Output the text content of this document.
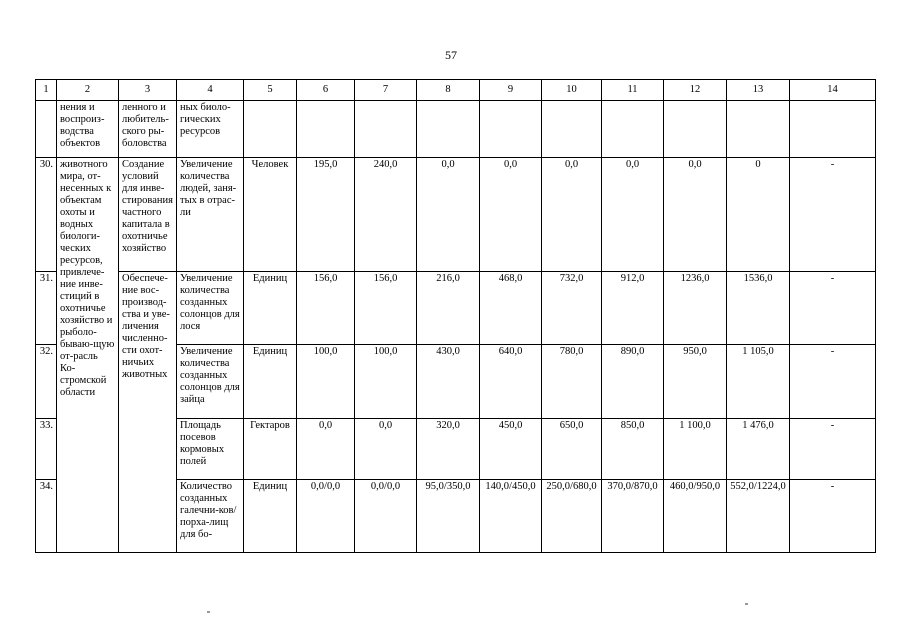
57
1	2	3	4	5	6	7	8	9	10	11	12	13	14
	нения и воспроиз-водства объектов	ленного и любитель-ского ры-боловства	ных биоло-гических ресурсов										
30.	животного мира, от-несенных к объектам охоты и водных биологи-ческих ресурсов, привлече-ние инве-стиций в охотничье хозяйство и рыболо-бываю-щую от-расль Ко-стромской области	Создание условий для инве-стирования частного капитала в охотничье хозяйство	Увеличение количества людей, заня-тых в отрас-ли	Человек	195,0	240,0	0,0	0,0	0,0	0,0	0,0	0	-
31.		Обеспече-ние вос-производ-ства и уве-личения численно-сти охот-ничьих животных	Увеличение количества созданных солонцов для лося	Единиц	156,0	156,0	216,0	468,0	732,0	912,0	1236,0	1536,0	-
32.			Увеличение количества созданных солонцов для зайца	Единиц	100,0	100,0	430,0	640,0	780,0	890,0	950,0	1 105,0	-
33.			Площадь посевов кормовых полей	Гектаров	0,0	0,0	320,0	450,0	650,0	850,0	1 100,0	1 476,0	-
34.			Количество созданных галечни-ков/порха-лищ для бо-	Единиц	0,0/0,0	0,0/0,0	95,0/350,0	140,0/450,0	250,0/680,0	370,0/870,0	460,0/950,0	552,0/1224,0	-
